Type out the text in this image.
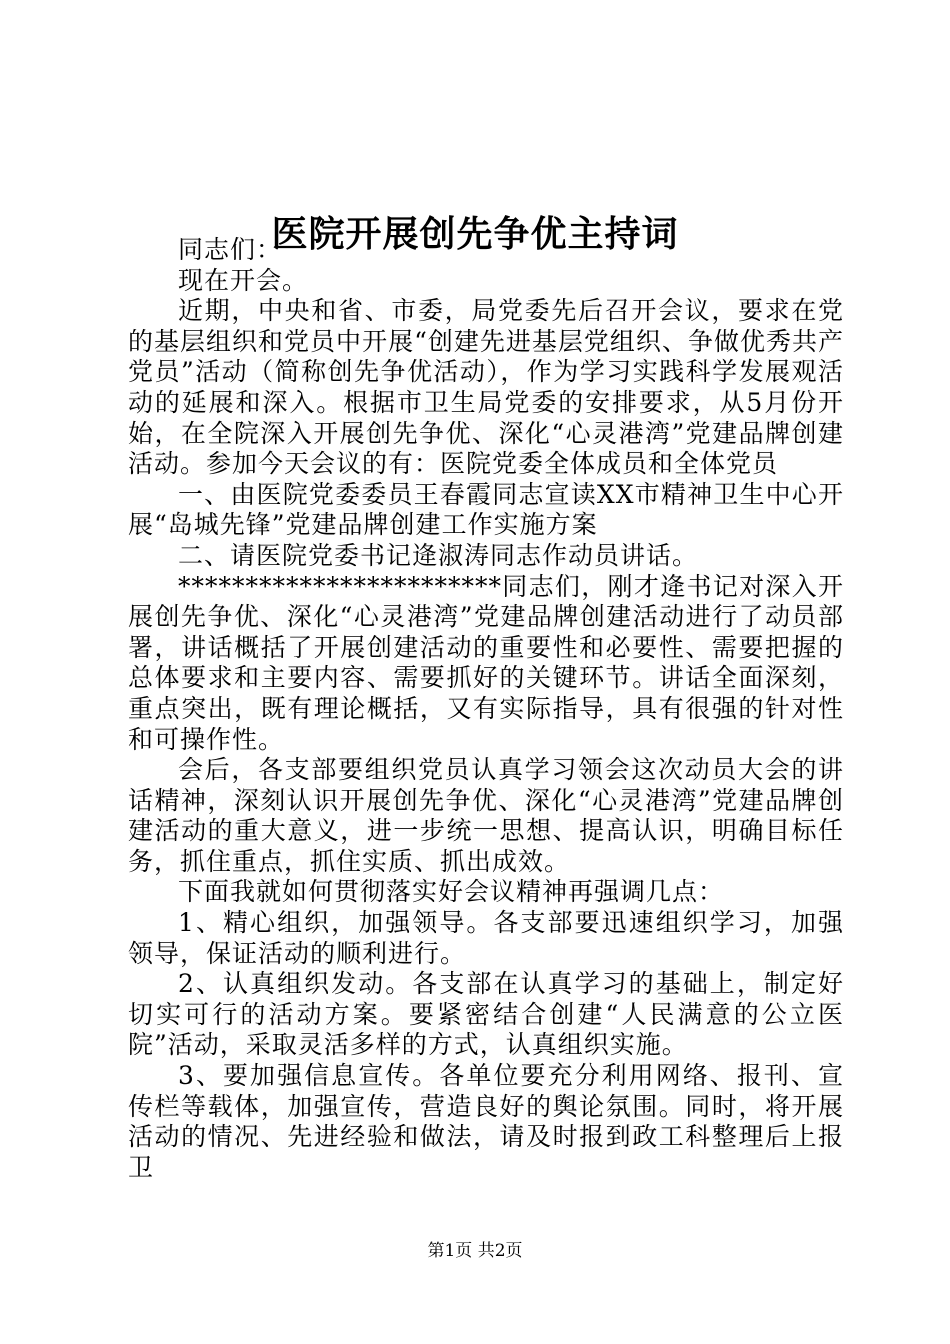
医院开展创先争优主持词

同志们：

现在开会。

近期，中央和省、市委，局党委先后召开会议，要求在党的基层组织和党员中开展“创建先进基层党组织、争做优秀共产党员”活动（简称创先争优活动），作为学习实践科学发展观活动的延展和深入。根据市卫生局党委的安排要求，从5月份开始，在全院深入开展创先争优、深化“心灵港湾”党建品牌创建活动。参加今天会议的有：医院党委全体成员和全体党员

一、由医院党委委员王春霞同志宣读XX市精神卫生中心开展“岛城先锋”党建品牌创建工作实施方案

二、请医院党委书记逄淑涛同志作动员讲话。

************************同志们，刚才逄书记对深入开展创先争优、深化“心灵港湾”党建品牌创建活动进行了动员部署，讲话概括了开展创建活动的重要性和必要性、需要把握的总体要求和主要内容、需要抓好的关键环节。讲话全面深刻，重点突出，既有理论概括，又有实际指导，具有很强的针对性和可操作性。

会后，各支部要组织党员认真学习领会这次动员大会的讲话精神，深刻认识开展创先争优、深化“心灵港湾”党建品牌创建活动的重大意义，进一步统一思想、提高认识，明确目标任务，抓住重点，抓住实质、抓出成效。

下面我就如何贯彻落实好会议精神再强调几点：

1、精心组织，加强领导。各支部要迅速组织学习，加强领导，保证活动的顺利进行。

2、认真组织发动。各支部在认真学习的基础上，制定好切实可行的活动方案。要紧密结合创建“人民满意的公立医院”活动，采取灵活多样的方式，认真组织实施。

3、要加强信息宣传。各单位要充分利用网络、报刊、宣传栏等载体，加强宣传，营造良好的舆论氛围。同时，将开展活动的情况、先进经验和做法，请及时报到政工科整理后上报卫

第1页 共2页
